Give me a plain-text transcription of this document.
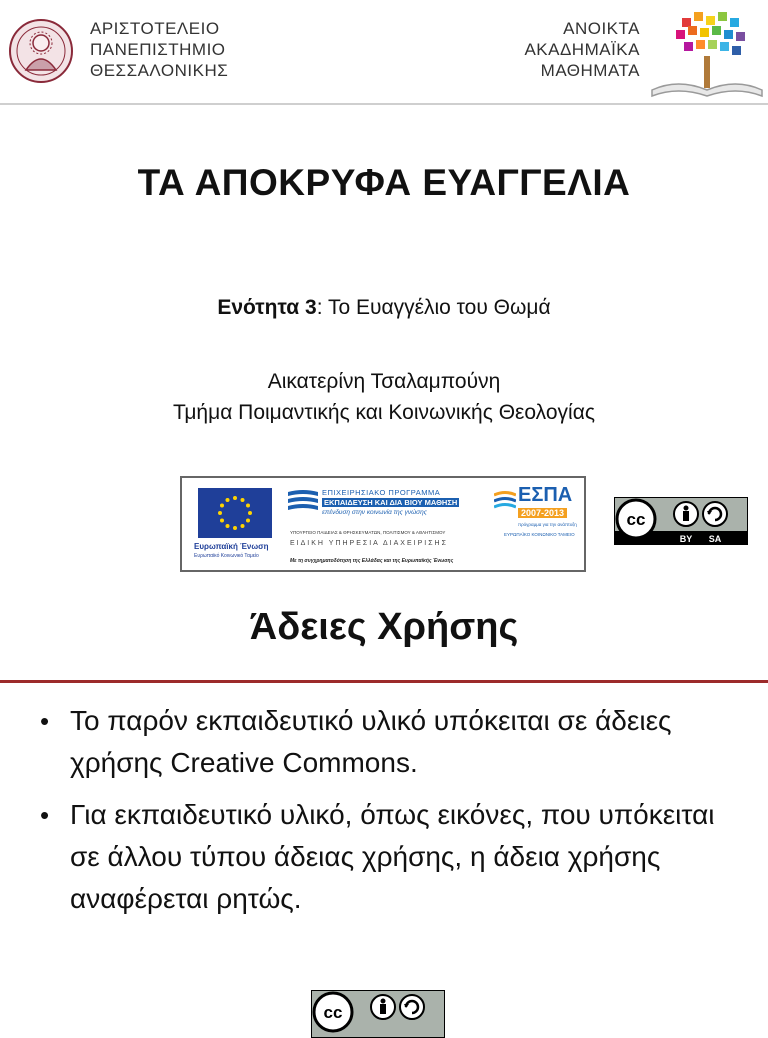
ΑΡΙΣΤΟΤΕΛΕΙΟ
ΠΑΝΕΠΙΣΤΗΜΙΟ
ΘΕΣΣΑΛΟΝΙΚΗΣ
ΑΝΟΙΚΤΑ
ΑΚΑΔΗΜΑΪΚΑ
ΜΑΘΗΜΑΤΑ
ΤΑ ΑΠΟΚΡΥΦΑ ΕΥΑΓΓΕΛΙΑ
Ενότητα 3: Το Ευαγγέλιο του Θωμά
Αικατερίνη Τσαλαμπούνη
Τμήμα Ποιμαντικής και Κοινωνικής Θεολογίας
Ευρωπαϊκή Ένωση
Ευρωπαϊκό Κοινωνικό Ταμείο
ΕΠΙΧΕΙΡΗΣΙΑΚΟ ΠΡΟΓΡΑΜΜΑ
ΕΚΠΑΙΔΕΥΣΗ ΚΑΙ ΔΙΑ ΒΙΟΥ ΜΑΘΗΣΗ
επένδυση στην κοινωνία της γνώσης
ΥΠΟΥΡΓΕΙΟ ΠΑΙΔΕΙΑΣ & ΘΡΗΣΚΕΥΜΑΤΩΝ, ΠΟΛΙΤΙΣΜΟΥ & ΑΘΛΗΤΙΣΜΟΥ
ΕΙΔΙΚΗ ΥΠΗΡΕΣΙΑ ΔΙΑΧΕΙΡΙΣΗΣ
ΕΣΠΑ
2007-2013
πρόγραμμα για την ανάπτυξη
ΕΥΡΩΠΑΪΚΟ ΚΟΙΝΩΝΙΚΟ ΤΑΜΕΙΟ
Με τη συγχρηματοδότηση της Ελλάδας και της Ευρωπαϊκής Ένωσης
cc
BY SA
Άδειες Χρήσης
• Το παρόν εκπαιδευτικό υλικό υπόκειται σε άδειες χρήσης Creative Commons.
• Για εκπαιδευτικό υλικό, όπως εικόνες, που υπόκειται σε άλλου τύπου άδειας χρήσης, η άδεια χρήσης αναφέρεται ρητώς.
cc
